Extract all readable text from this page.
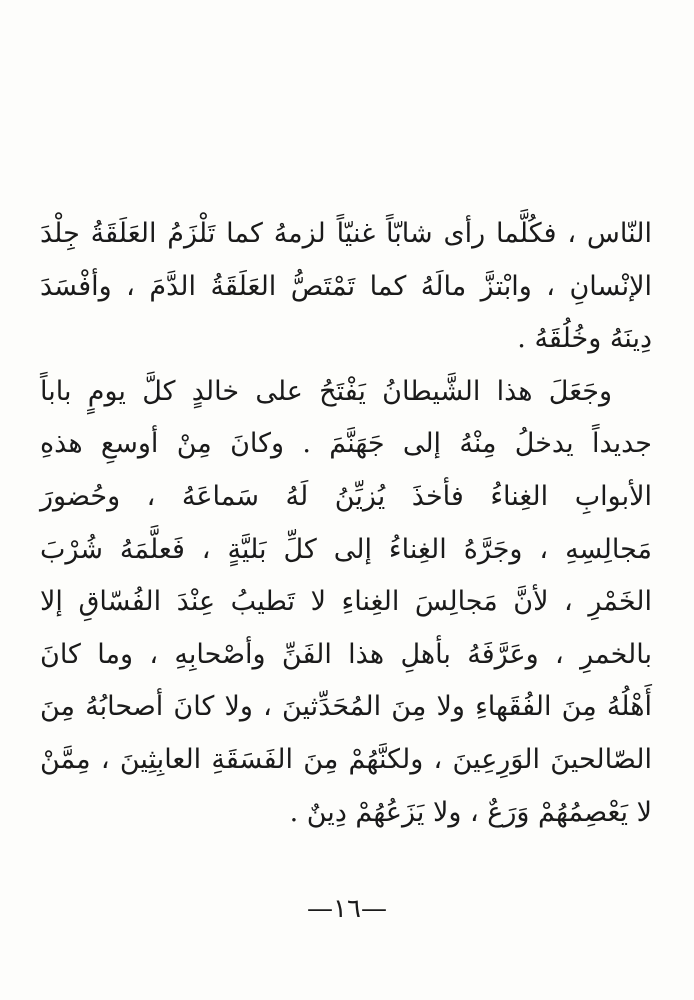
النّاس ، فكُلَّما رأى شابّاً غنيّاً لزمهُ كما تَلْزَمُ العَلَقَةُ جِلْدَ
الإنْسانِ ، وابْتزَّ مالَهُ كما تَمْتَصُّ العَلَقَةُ الدَّمَ ، وأفْسَدَ
دِينَهُ وخُلُقَهُ .
وجَعَلَ هذا الشَّيطانُ يَفْتَحُ على خالدٍ كلَّ يومٍ باباً
جديداً يدخلُ مِنْهُ إلى جَهَنَّمَ . وكانَ مِنْ أوسعِ هذهِ
الأبوابِ الغِناءُ فأخذَ يُزيِّنُ لَهُ سَماعَهُ ، وحُضورَ
مَجالِسِهِ ، وجَرَّهُ الغِناءُ إلى كلِّ بَليَّةٍ ، فَعلَّمَهُ شُرْبَ
الخَمْرِ ، لأنَّ مَجالِسَ الغِناءِ لا تَطيبُ عِنْدَ الفُسّاقِ إلا
بالخمرِ ، وعَرَّفَهُ بأهلِ هذا الفَنِّ وأصْحابِهِ ، وما كانَ
أَهْلُهُ مِنَ الفُقَهاءِ ولا مِنَ المُحَدِّثينَ ، ولا كانَ أصحابُهُ مِنَ
الصّالحينَ الوَرِعِينَ ، ولكنَّهُمْ مِنَ الفَسَقَةِ العابِثِينَ ، مِمَّنْ
لا يَعْصِمُهُمْ وَرَعٌ ، ولا يَزَعُهُمْ دِينٌ .
—١٦—
